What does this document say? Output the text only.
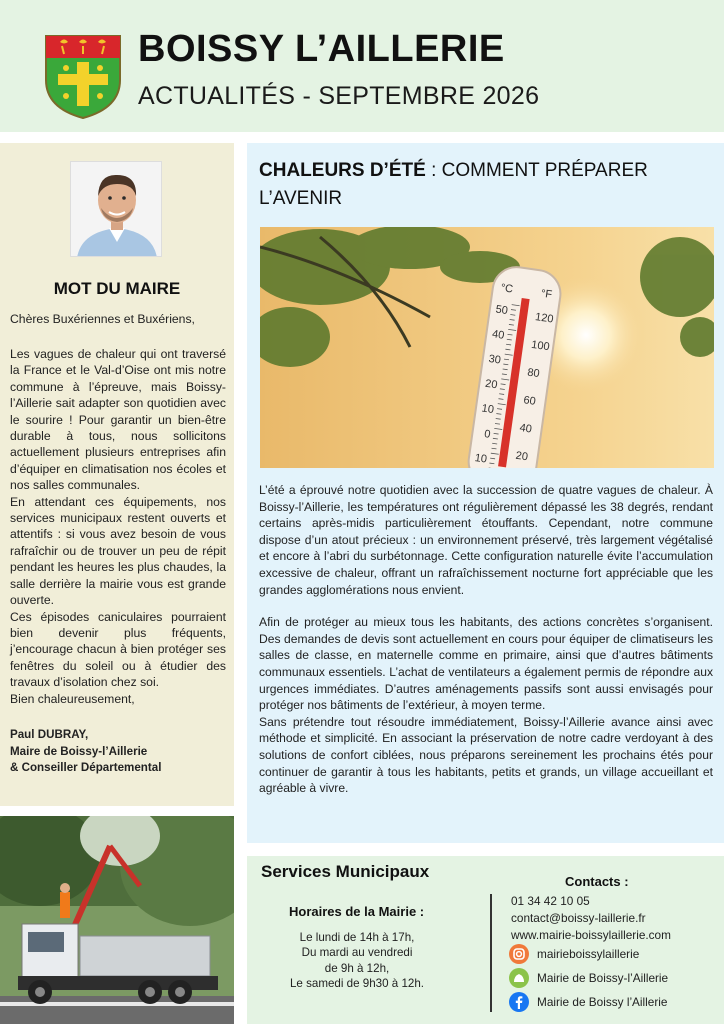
BOISSY L’AILLERIE
ACTUALITÉS - SEPTEMBRE 2026
MOT DU MAIRE
Chères Buxériennes et Buxériens,

Les vagues de chaleur qui ont traversé la France et le Val-d’Oise ont mis notre commune à l’épreuve, mais Boissy-l’Aillerie sait adapter son quotidien avec le sourire ! Pour garantir un bien-être durable à tous, nous sollicitons actuellement plusieurs entreprises afin d’équiper en climatisation nos écoles et nos salles communales.

En attendant ces équipements, nos services municipaux restent ouverts et attentifs : si vous avez besoin de vous rafraîchir ou de trouver un peu de répit pendant les heures les plus chaudes, la salle derrière la mairie vous est grande ouverte.

Ces épisodes caniculaires pourraient bien devenir plus fréquents, j’encourage chacun à bien protéger ses fenêtres du soleil ou à étudier des travaux d’isolation chez soi.

Bien chaleureusement,

Paul DUBRAY,
Maire de Boissy-l’Aillerie
& Conseiller Départemental
CHALEURS D’ÉTÉ : COMMENT PRÉPARER L’AVENIR
°C °F
50
40
30
20
10
0
10
120
100
80
60
40
20

L’été a éprouvé notre quotidien avec la succession de quatre vagues de chaleur. À Boissy-l’Aillerie, les températures ont régulièrement dépassé les 38 degrés, rendant certains après-midis particulièrement étouffants. Cependant, notre commune dispose d’un atout précieux : un environnement préservé, très largement végétalisé et encore à l’abri du surbétonnage. Cette configuration naturelle évite l’accumulation excessive de chaleur, offrant un rafraîchissement nocturne fort appréciable que les grandes agglomérations nous envient.

Afin de protéger au mieux tous les habitants, des actions concrètes s’organisent. Des demandes de devis sont actuellement en cours pour équiper de climatiseurs les salles de classe, en maternelle comme en primaire, ainsi que d’autres bâtiments communaux essentiels. L’achat de ventilateurs a également permis de répondre aux urgences immédiates. D’autres aménagements passifs sont aussi envisagés pour protéger nos bâtiments de l’extérieur, à moyen terme.

Sans prétendre tout résoudre immédiatement, Boissy-l’Aillerie avance ainsi avec méthode et simplicité. En associant la préservation de notre cadre verdoyant à des solutions de confort ciblées, nous préparons sereinement les prochains étés pour continuer de garantir à tous les habitants, petits et grands, un village accueillant et agréable à vivre.

Services Municipaux
Horaires de la Mairie :
Le lundi de 14h à 17h,
Du mardi au vendredi
de 9h à 12h,
Le samedi de 9h30 à 12h.
Contacts :
01 34 42 10 05
contact@boissy-laillerie.fr
www.mairie-boissylaillerie.com
mairieboissylaillerie
Mairie de Boissy-l’Aillerie
Mairie de Boissy l’Aillerie
